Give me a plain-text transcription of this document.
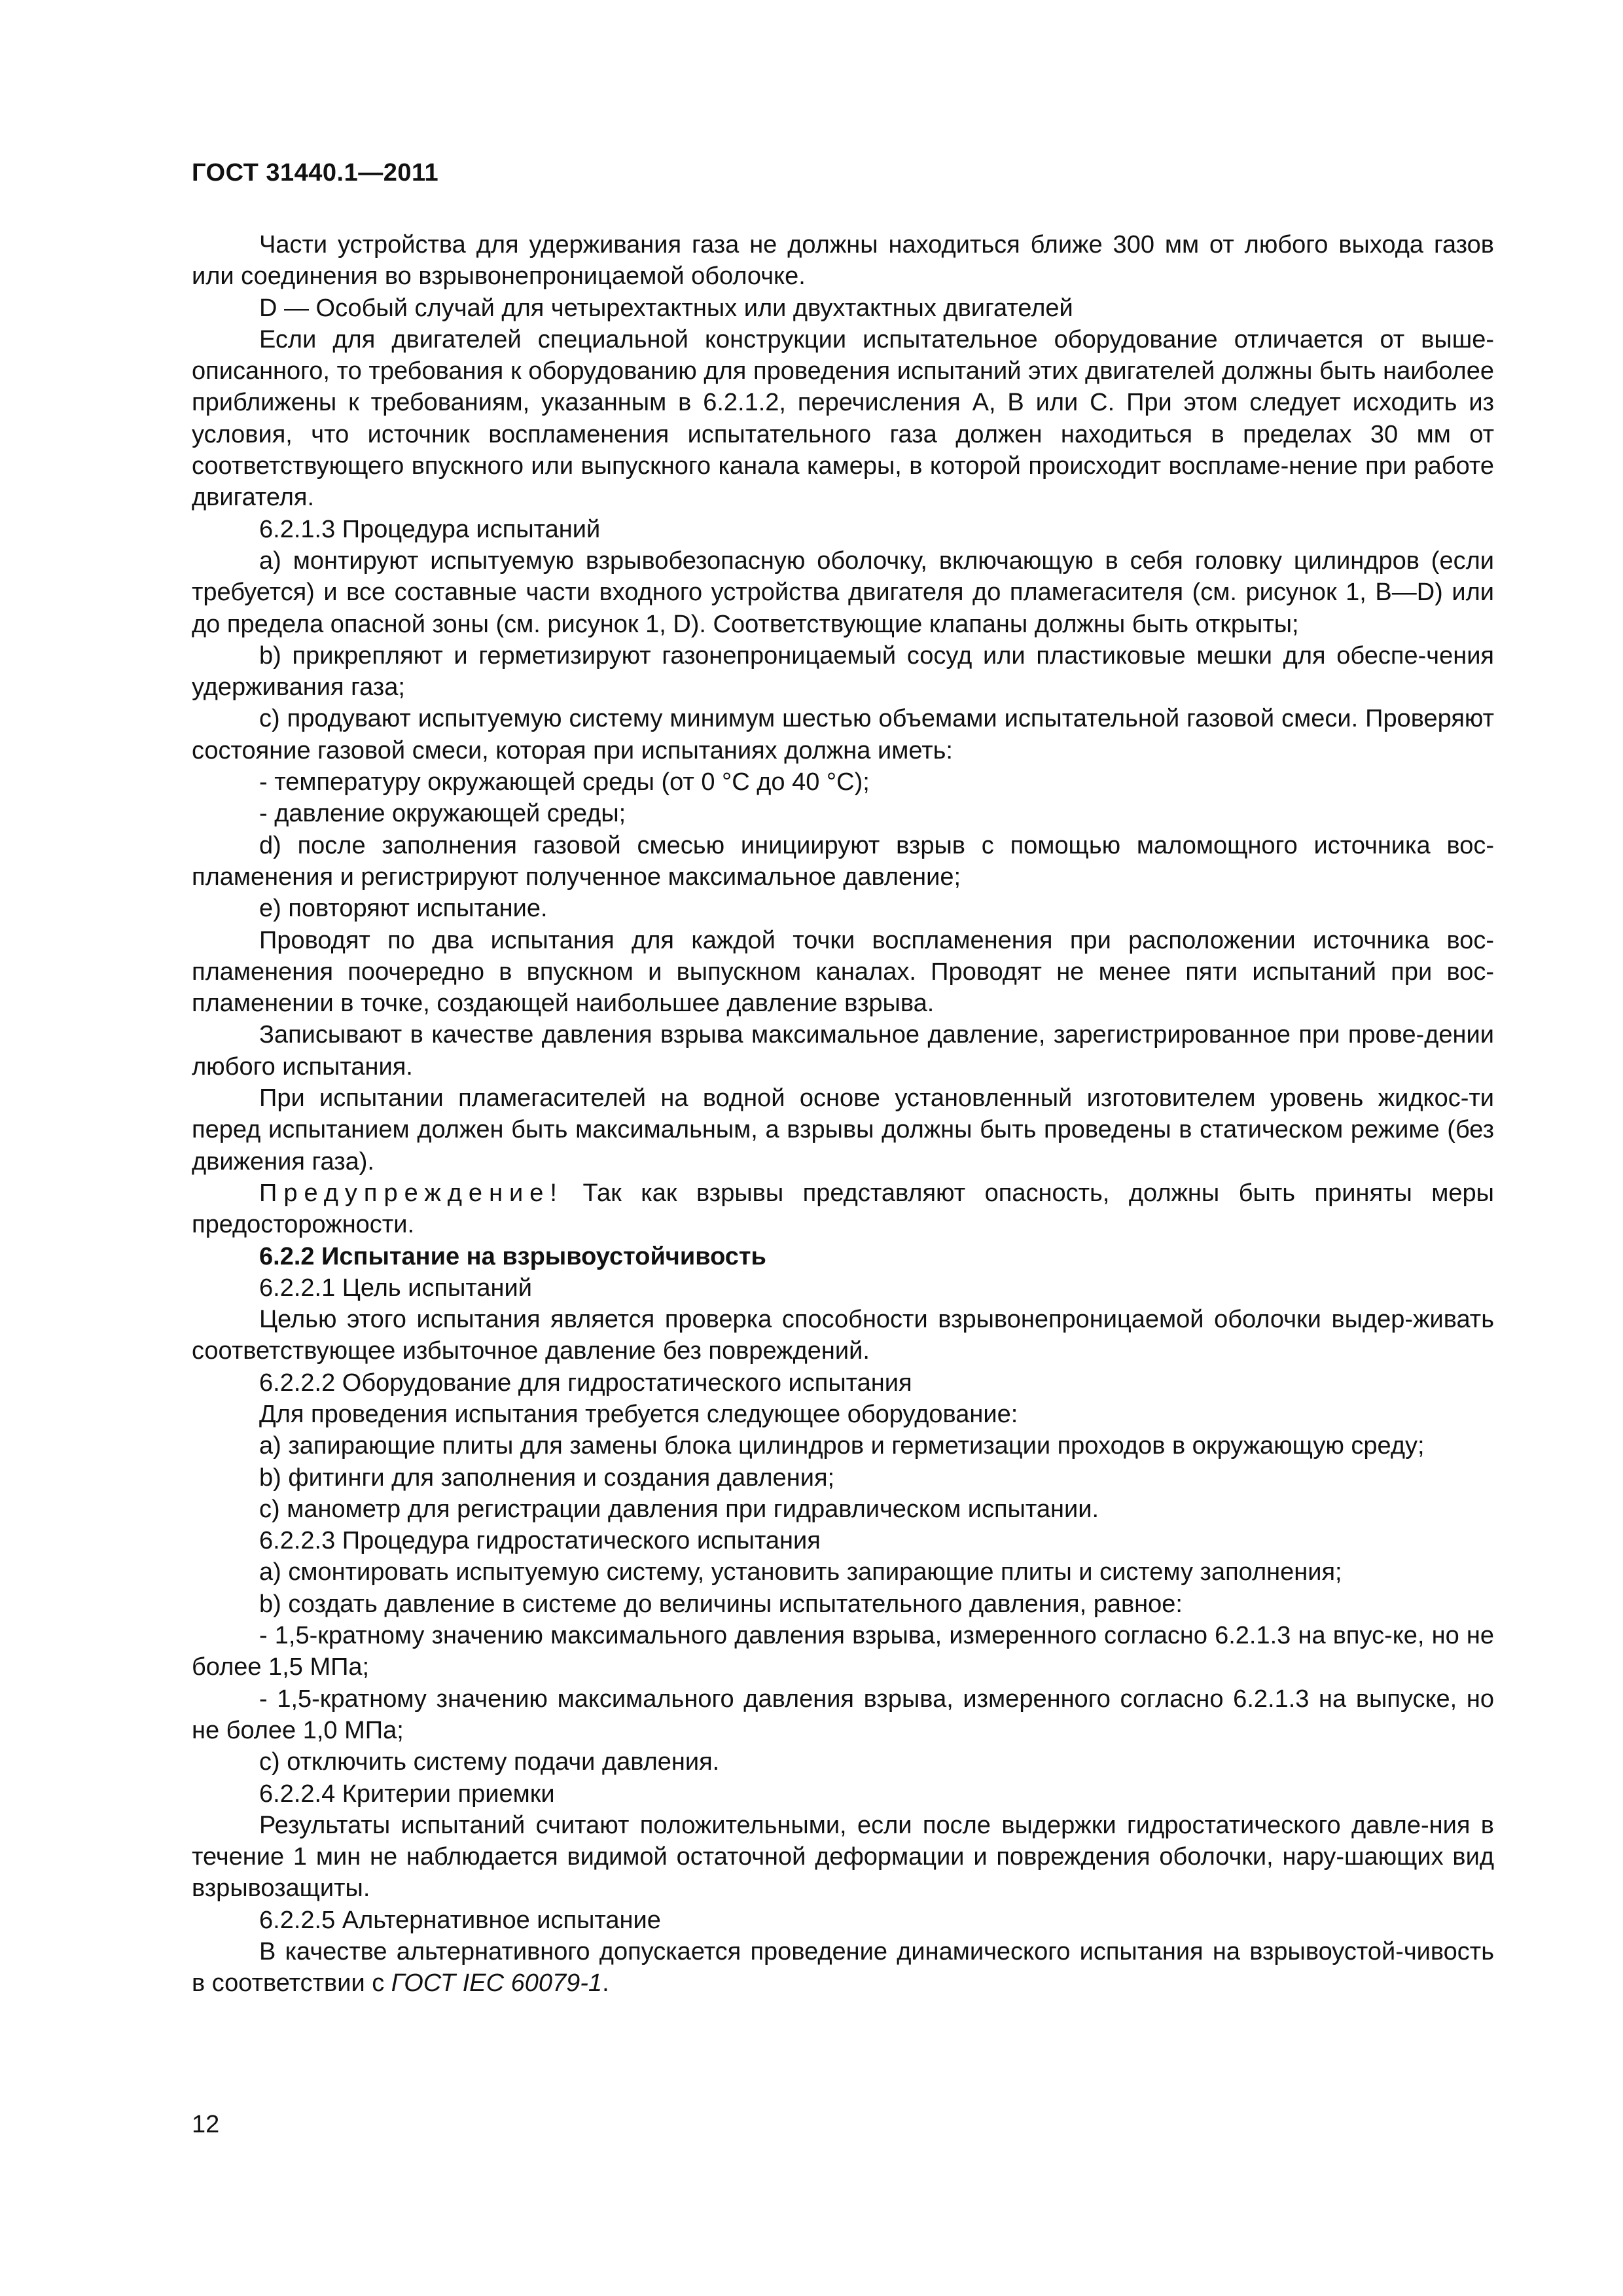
ГОСТ 31440.1—2011

Части устройства для удерживания газа не должны находиться ближе 300 мм от любого выхода газов или соединения во взрывонепроницаемой оболочке.

D — Особый случай для четырехтактных или двухтактных двигателей

Если для двигателей специальной конструкции испытательное оборудование отличается от выше-описанного, то требования к оборудованию для проведения испытаний этих двигателей должны быть наиболее приближены к требованиям, указанным в 6.2.1.2, перечисления А, В или С. При этом следует исходить из условия, что источник воспламенения испытательного газа должен находиться в пределах 30 мм от соответствующего впускного или выпускного канала камеры, в которой происходит воспламе-нение при работе двигателя.

6.2.1.3 Процедура испытаний

a) монтируют испытуемую взрывобезопасную оболочку, включающую в себя головку цилиндров (если требуется) и все составные части входного устройства двигателя до пламегасителя (см. рисунок 1, В—D) или до предела опасной зоны (см. рисунок 1, D). Соответствующие клапаны должны быть открыты;

b) прикрепляют и герметизируют газонепроницаемый сосуд или пластиковые мешки для обеспе-чения удерживания газа;

c) продувают испытуемую систему минимум шестью объемами испытательной газовой смеси. Проверяют состояние газовой смеси, которая при испытаниях должна иметь:

- температуру окружающей среды (от 0 °С до 40 °С);

- давление окружающей среды;

d) после заполнения газовой смесью инициируют взрыв с помощью маломощного источника вос-пламенения и регистрируют полученное максимальное давление;

e) повторяют испытание.

Проводят по два испытания для каждой точки воспламенения при расположении источника вос-пламенения поочередно в впускном и выпускном каналах. Проводят не менее пяти испытаний при вос-пламенении в точке, создающей наибольшее давление взрыва.

Записывают в качестве давления взрыва максимальное давление, зарегистрированное при прове-дении любого испытания.

При испытании пламегасителей на водной основе установленный изготовителем уровень жидкос-ти перед испытанием должен быть максимальным, а взрывы должны быть проведены в статическом режиме (без движения газа).

Предупреждение! Так как взрывы представляют опасность, должны быть приняты меры предосторожности.

6.2.2 Испытание на взрывоустойчивость

6.2.2.1 Цель испытаний

Целью этого испытания является проверка способности взрывонепроницаемой оболочки выдер-живать соответствующее избыточное давление без повреждений.

6.2.2.2 Оборудование для гидростатического испытания

Для проведения испытания требуется следующее оборудование:

a) запирающие плиты для замены блока цилиндров и герметизации проходов в окружающую среду;

b) фитинги для заполнения и создания давления;

c) манометр для регистрации давления при гидравлическом испытании.

6.2.2.3 Процедура гидростатического испытания

a) смонтировать испытуемую систему, установить запирающие плиты и систему заполнения;

b) создать давление в системе до величины испытательного давления, равное:

- 1,5-кратному значению максимального давления взрыва, измеренного согласно 6.2.1.3 на впус-ке, но не более 1,5 МПа;

- 1,5-кратному значению максимального давления взрыва, измеренного согласно 6.2.1.3 на выпуске, но не более 1,0 МПа;

c) отключить систему подачи давления.

6.2.2.4 Критерии приемки

Результаты испытаний считают положительными, если после выдержки гидростатического давле-ния в течение 1 мин не наблюдается видимой остаточной деформации и повреждения оболочки, нару-шающих вид взрывозащиты.

6.2.2.5 Альтернативное испытание

В качестве альтернативного допускается проведение динамического испытания на взрывоустой-чивость в соответствии с ГОСТ IEC 60079-1.

12
